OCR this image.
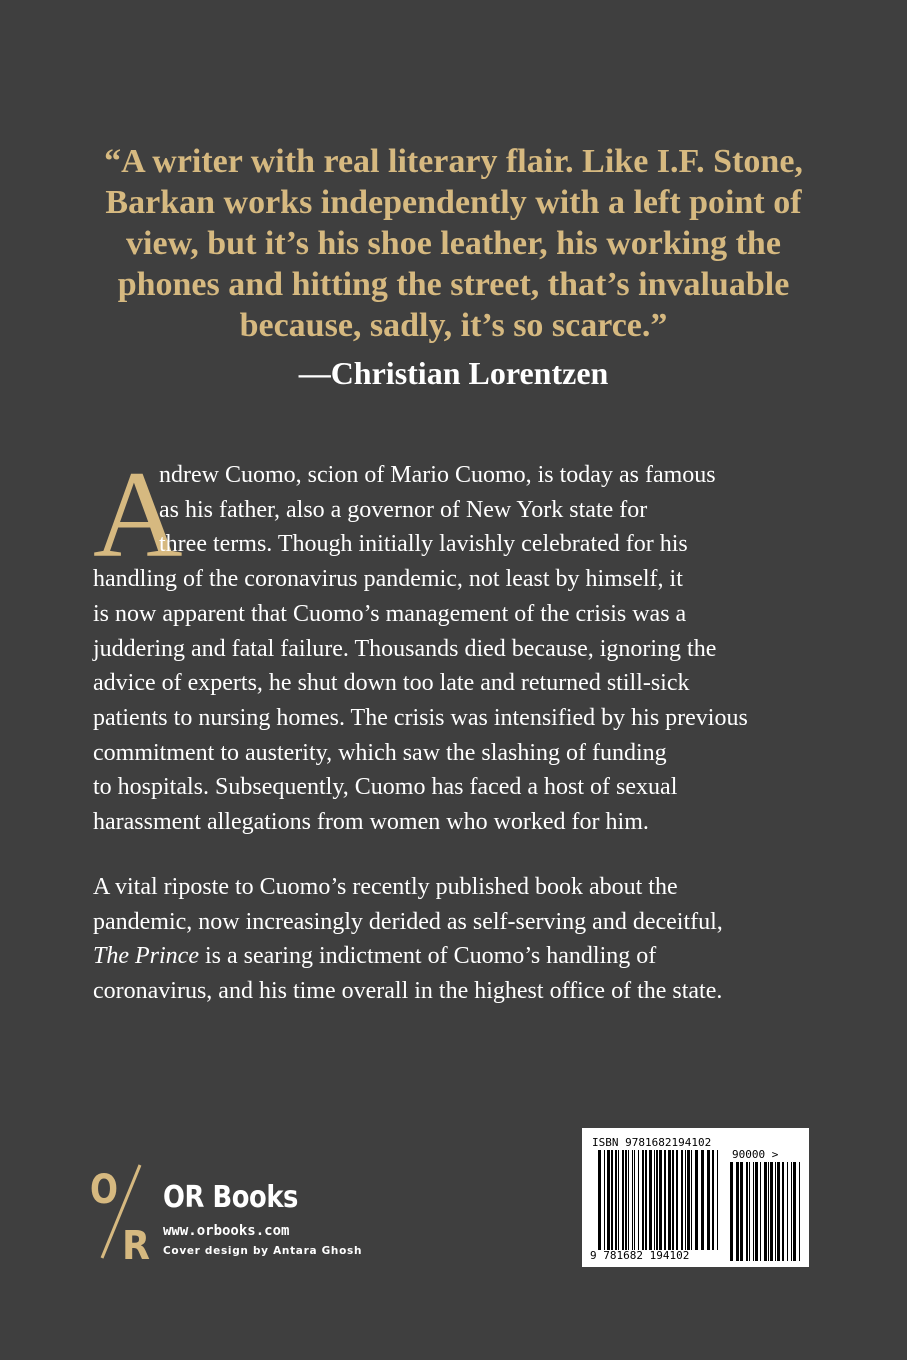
“A writer with real literary flair. Like I.F. Stone,
Barkan works independently with a left point of
view, but it’s his shoe leather, his working the
phones and hitting the street, that’s invaluable
because, sadly, it’s so scarce.”
—Christian Lorentzen
A
ndrew Cuomo, scion of Mario Cuomo, is today as famous
as his father, also a governor of New York state for
three terms. Though initially lavishly celebrated for his
handling of the coronavirus pandemic, not least by himself, it
is now apparent that Cuomo’s management of the crisis was a
juddering and fatal failure. Thousands died because, ignoring the
advice of experts, he shut down too late and returned still-sick
patients to nursing homes. The crisis was intensified by his previous
commitment to austerity, which saw the slashing of funding
to hospitals. Subsequently, Cuomo has faced a host of sexual
harassment allegations from women who worked for him.
A vital riposte to Cuomo’s recently published book about the
pandemic, now increasingly derided as self-serving and deceitful,
The Prince is a searing indictment of Cuomo’s handling of
coronavirus, and his time overall in the highest office of the state.
O
R
OR Books
www.orbooks.com
Cover design by Antara Ghosh
ISBN 9781682194102
90000 >
9 781682 194102
